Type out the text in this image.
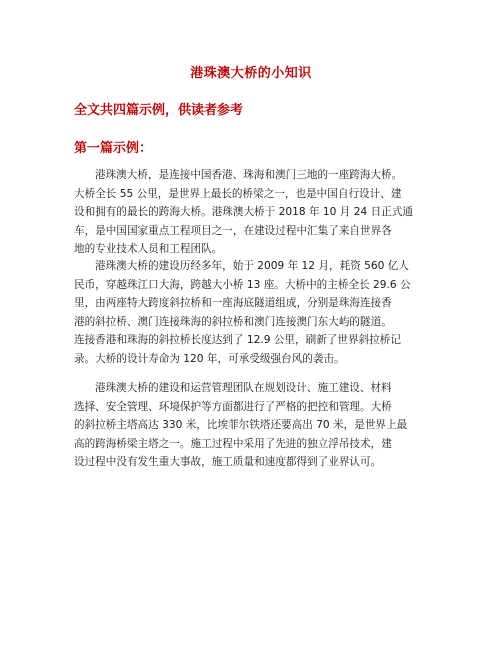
港珠澳大桥的小知识
全文共四篇示例，供读者参考
第一篇示例：

港珠澳大桥，是连接中国香港、珠海和澳门三地的一座跨海大桥。
大桥全长 55 公里，是世界上最长的桥梁之一，也是中国自行设计、建
设和拥有的最长的跨海大桥。港珠澳大桥于 2018 年 10 月 24 日正式通
车，是中国国家重点工程项目之一，在建设过程中汇集了来自世界各
地的专业技术人员和工程团队。

港珠澳大桥的建设历经多年，始于 2009 年 12 月，耗资 560 亿人
民币，穿越珠江口大海，跨越大小桥 13 座。大桥中的主桥全长 29.6 公
里，由两座特大跨度斜拉桥和一座海底隧道组成，分别是珠海连接香
港的斜拉桥、澳门连接珠海的斜拉桥和澳门连接澳门东大屿的隧道。
连接香港和珠海的斜拉桥长度达到了 12.9 公里，刷新了世界斜拉桥记
录。大桥的设计寿命为 120 年，可承受级强台风的袭击。

港珠澳大桥的建设和运营管理团队在规划设计、施工建设、材料
选择、安全管理、环境保护等方面都进行了严格的把控和管理。大桥
的斜拉桥主塔高达 330 米，比埃菲尔铁塔还要高出 70 米，是世界上最
高的跨海桥梁主塔之一。施工过程中采用了先进的独立浮吊技术，建
设过程中没有发生重大事故，施工质量和速度都得到了业界认可。
